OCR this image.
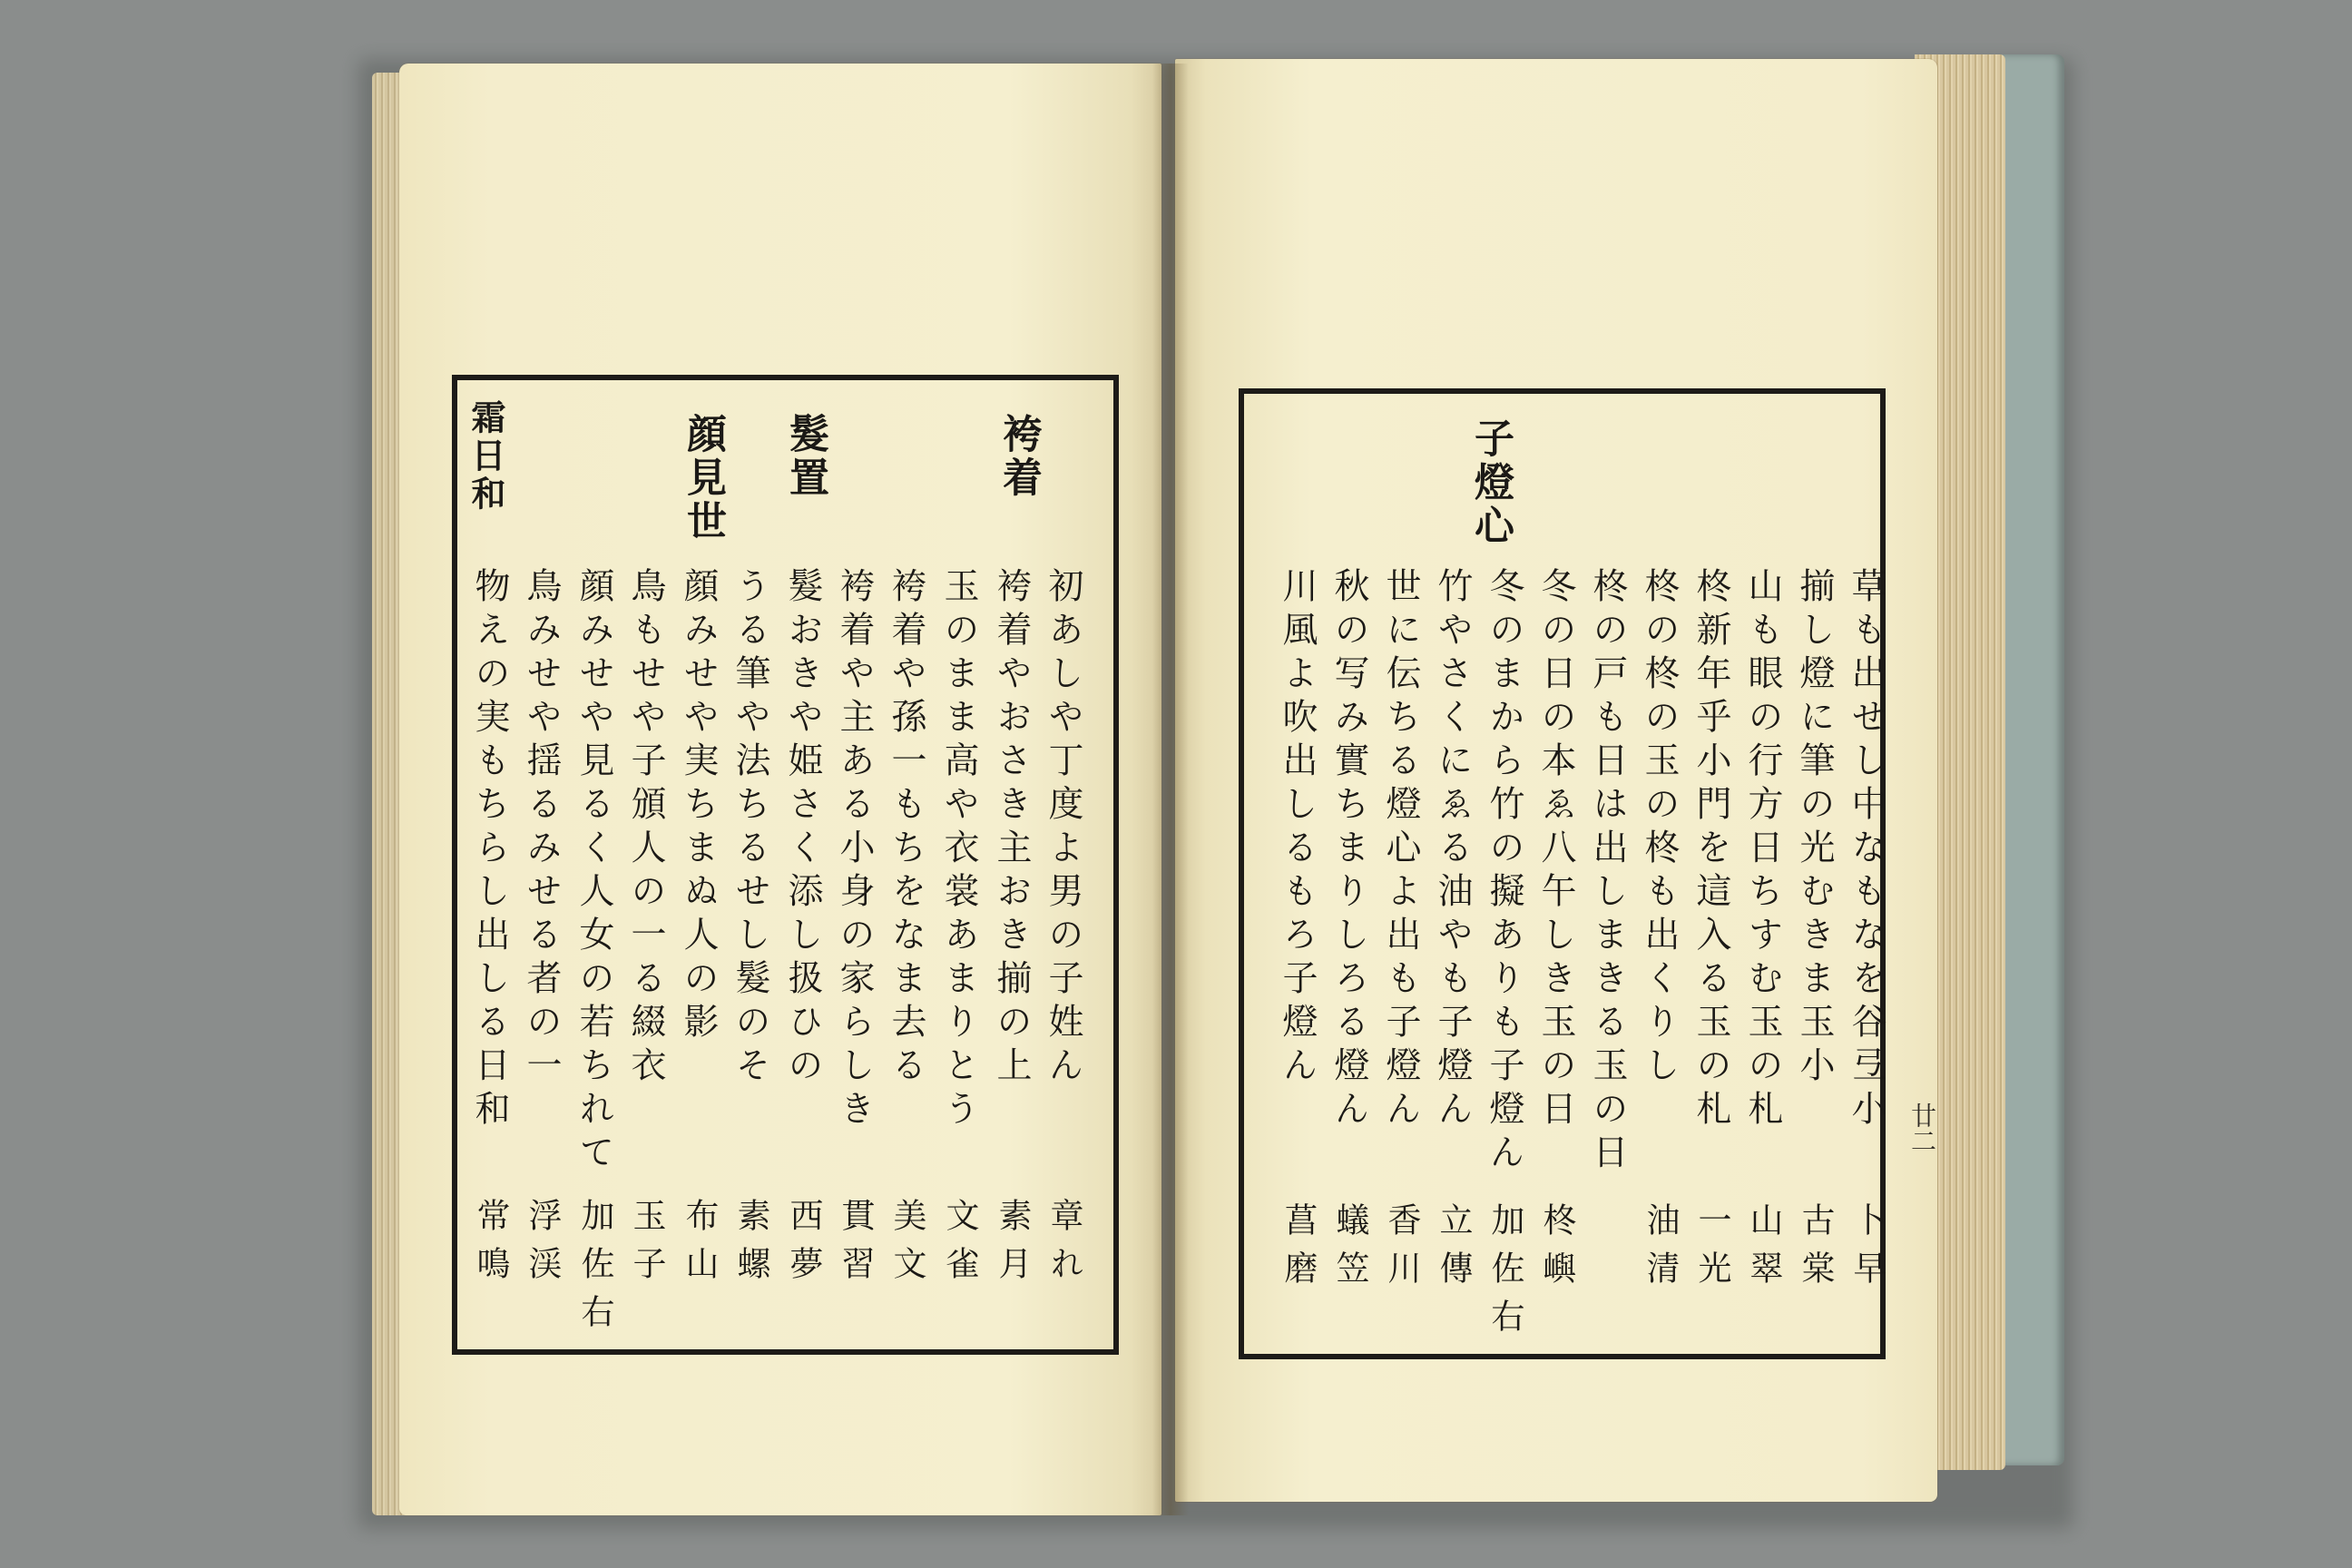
袴着
髮置
顔見世
霜日和
初あしや丁度よ男の子姓ん
袴着やおさき主おき揃の上
玉のまま高や衣裳あまりとう
袴着や孫一もちをなま去る
袴着や主ある小身の家らしき
髮おきや姫さく添し扱ひの
うる筆や法ちるせし髮のそ
顔みせや実ちまぬ人の影
鳥もせや子頒人の一る綴衣
顔みせや見るく人女の若ちれて
鳥みせや揺るみせる者の一
物えの実もちらし出しる日和
章れ
素月
文雀
美文
貫習
西夢
素螺
布山
玉子
加佐右
浮渓
常鳴
子燈心
草も出せし中なもなを谷弖小
揃し燈に筆の光むきま玉小
山も眼の行方日ちすむ玉の札
柊新年乎小門を這入る玉の札
柊の柊の玉の柊も出くりし
柊の戸も日は出しまきる玉の日
冬の日の本ゑ八午しき玉の日
冬のまから竹の擬ありも子燈ん
竹やさくにゑる油やも子燈ん
世に伝ちる燈心よ出も子燈ん
秋の写み實ちまりしろる燈ん
川風よ吹出しるもろ子燈ん
卜早
古棠
山翠
一光
油清
柊嶼
加佐右
立傳
香川
蟻笠
菖磨
廿二
